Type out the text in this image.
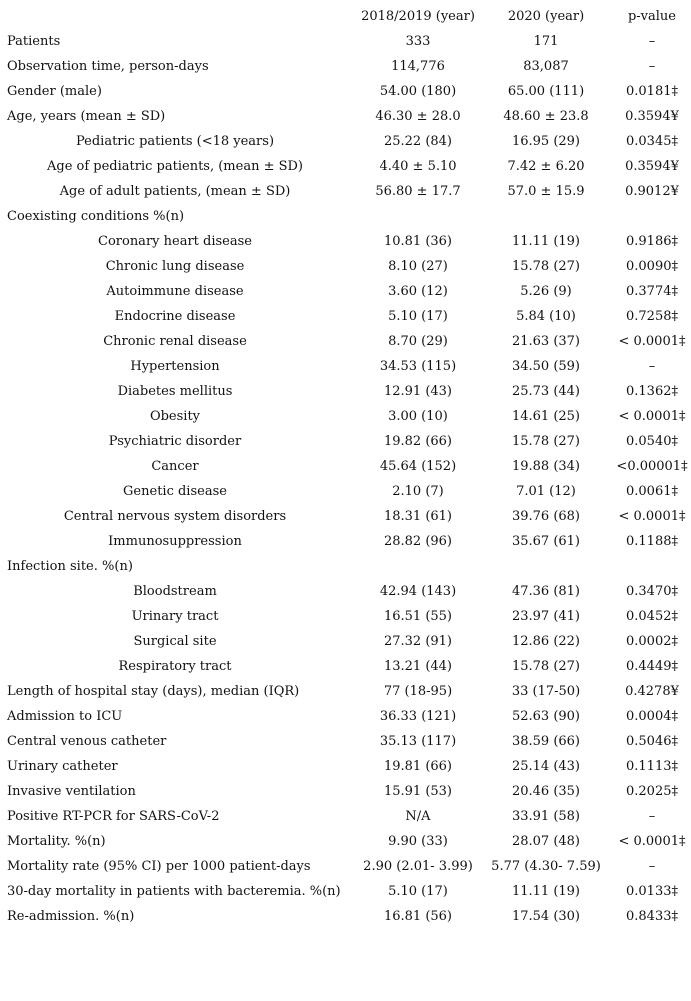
	2018/2019 (year)	2020 (year)	p-value
Patients	333	171	–
Observation time, person-days	114,776	83,087	–
Gender (male)	54.00 (180)	65.00 (111)	0.0181‡
Age, years (mean ± SD)	46.30 ± 28.0	48.60 ± 23.8	0.3594¥
Pediatric patients (<18 years)	25.22 (84)	16.95 (29)	0.0345‡
Age of pediatric patients, (mean ± SD)	4.40 ± 5.10	7.42 ± 6.20	0.3594¥
Age of adult patients, (mean ± SD)	56.80 ± 17.7	57.0 ± 15.9	0.9012¥
Coexisting conditions %(n)			
Coronary heart disease	10.81 (36)	11.11 (19)	0.9186‡
Chronic lung disease	8.10 (27)	15.78 (27)	0.0090‡
Autoimmune disease	3.60 (12)	5.26 (9)	0.3774‡
Endocrine disease	5.10 (17)	5.84 (10)	0.7258‡
Chronic renal disease	8.70 (29)	21.63 (37)	< 0.0001‡
Hypertension	34.53 (115)	34.50 (59)	–
Diabetes mellitus	12.91 (43)	25.73 (44)	0.1362‡
Obesity	3.00 (10)	14.61 (25)	< 0.0001‡
Psychiatric disorder	19.82 (66)	15.78 (27)	0.0540‡
Cancer	45.64 (152)	19.88 (34)	<0.00001‡
Genetic disease	2.10 (7)	7.01 (12)	0.0061‡
Central nervous system disorders	18.31 (61)	39.76 (68)	< 0.0001‡
Immunosuppression	28.82 (96)	35.67 (61)	0.1188‡
Infection site. %(n)			
Bloodstream	42.94 (143)	47.36 (81)	0.3470‡
Urinary tract	16.51 (55)	23.97 (41)	0.0452‡
Surgical site	27.32 (91)	12.86 (22)	0.0002‡
Respiratory tract	13.21 (44)	15.78 (27)	0.4449‡
Length of hospital stay (days), median (IQR)	77 (18-95)	33 (17-50)	0.4278¥
Admission to ICU	36.33 (121)	52.63 (90)	0.0004‡
Central venous catheter	35.13 (117)	38.59 (66)	0.5046‡
Urinary catheter	19.81 (66)	25.14 (43)	0.1113‡
Invasive ventilation	15.91 (53)	20.46 (35)	0.2025‡
Positive RT-PCR for SARS-CoV-2	N/A	33.91 (58)	–
Mortality. %(n)	9.90 (33)	28.07 (48)	< 0.0001‡
Mortality rate (95% CI) per 1000 patient-days	2.90 (2.01- 3.99)	5.77 (4.30- 7.59)	–
30-day mortality in patients with bacteremia. %(n)	5.10 (17)	11.11 (19)	0.0133‡
Re-admission. %(n)	16.81 (56)	17.54 (30)	0.8433‡
